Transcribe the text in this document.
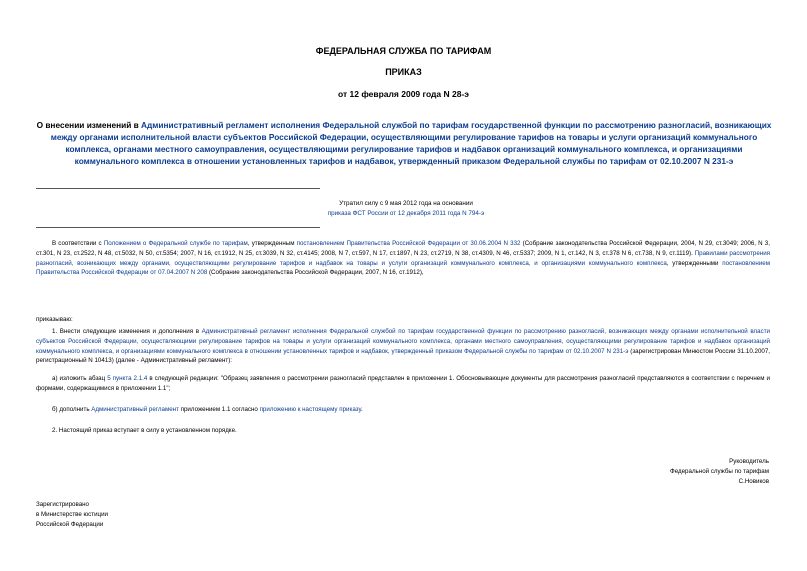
ФЕДЕРАЛЬНАЯ СЛУЖБА ПО ТАРИФАМ
ПРИКАЗ
от 12 февраля 2009 года N 28-э
О внесении изменений в Административный регламент исполнения Федеральной службой по тарифам государственной функции по рассмотрению разногласий, возникающих между органами исполнительной власти субъектов Российской Федерации, осуществляющими регулирование тарифов на товары и услуги организаций коммунального комплекса, органами местного самоуправления, осуществляющими регулирование тарифов и надбавок организаций коммунального комплекса, и организациями коммунального комплекса в отношении установленных тарифов и надбавок, утвержденный приказом Федеральной службы по тарифам от 02.10.2007 N 231-э
Утратил силу с 9 мая 2012 года на основании
приказа ФСТ России от 12 декабря 2011 года N 794-э
В соответствии с Положением о Федеральной службе по тарифам, утвержденным постановлением Правительства Российской Федерации от 30.06.2004 N 332 (Собрание законодательства Российской Федерации, 2004, N 29, ст.3049; 2006, N 3, ст.301, N 23, ст.2522, N 48, ст.5032, N 50, ст.5354; 2007, N 16, ст.1912, N 25, ст.3039, N 32, ст.4145; 2008, N 7, ст.597, N 17, ст.1897, N 23, ст.2719, N 38, ст.4309, N 46, ст.5337; 2009, N 1, ст.142, N 3, ст.378 N 6, ст.738, N 9, ст.1119). Правилами рассмотрения разногласий, возникающих между органами, осуществляющими регулирование тарифов и надбавок на товары и услуги организаций коммунального комплекса, и организациями коммунального комплекса, утвержденными постановлением Правительства Российской Федерации от 07.04.2007 N 208 (Собрание законодательства Российской Федерации, 2007, N 16, ст.1912),
приказываю:
1. Внести следующие изменения и дополнения в Административный регламент исполнения Федеральной службой по тарифам государственной функции по рассмотрению разногласий, возникающих между органами исполнительной власти субъектов Российской Федерации, осуществляющими регулирование тарифов на товары и услуги организаций коммунального комплекса, органами местного самоуправления, осуществляющими регулирование тарифов и надбавок организаций коммунального комплекса, и организациями коммунального комплекса в отношении установленных тарифов и надбавок, утвержденный приказом Федеральной службы по тарифам от 02.10.2007 N 231-э (зарегистрирован Минюстом России 31.10.2007, регистрационный N 10413) (далее - Административный регламент):
а) изложить абзац 5 пункта 2.1.4 в следующей редакции: "Образец заявления о рассмотрении разногласий представлен в приложении 1. Обосновывающие документы для рассмотрения разногласий представляются в соответствии с перечнем и формами, содержащимися в приложении 1.1";
б) дополнить Административный регламент приложением 1.1 согласно приложению к настоящему приказу.
2. Настоящий приказ вступает в силу в установленном порядке.
Руководитель
Федеральной службы по тарифам
С.Новиков
Зарегистрировано
в Министерстве юстиции
Российской Федерации
